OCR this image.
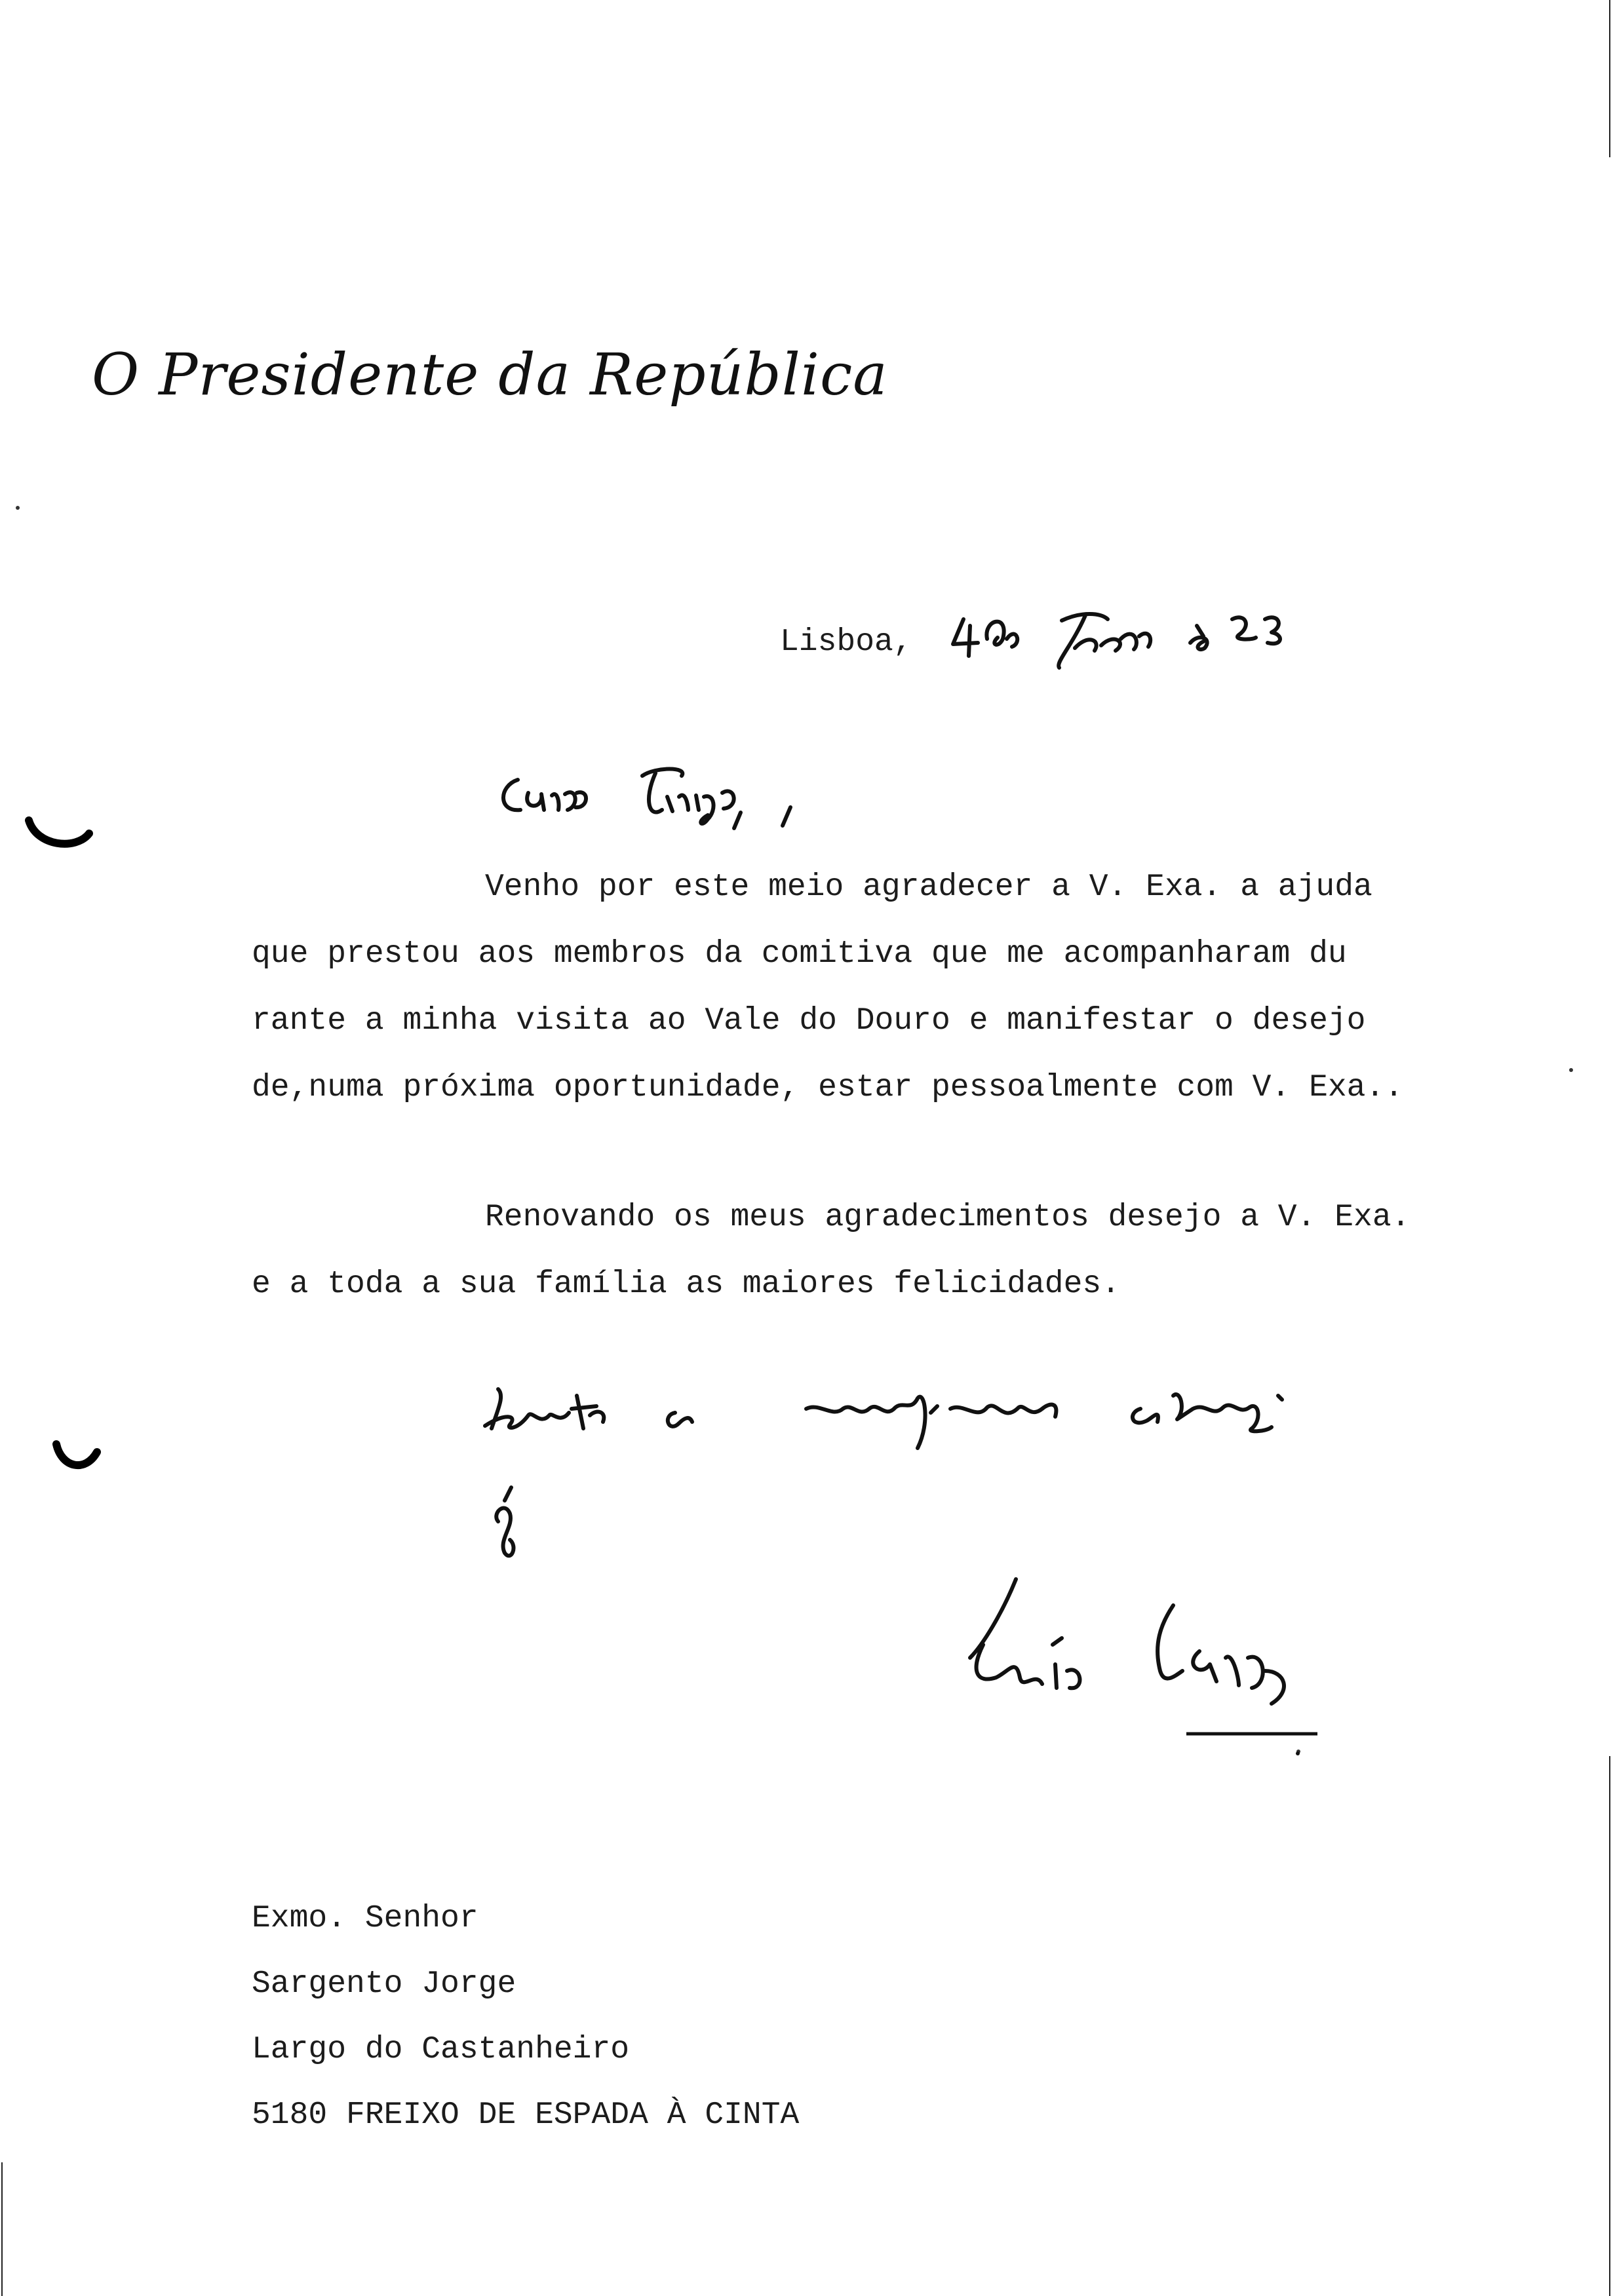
O Presidente da República
Lisboa,
Venho por este meio agradecer a V. Exa. a ajuda
que prestou aos membros da comitiva que me acompanharam du
rante a minha visita ao Vale do Douro e manifestar o desejo
de,numa próxima oportunidade, estar pessoalmente com V. Exa..
Renovando os meus agradecimentos desejo a V. Exa.
e a toda a sua família as maiores felicidades.
Exmo. Senhor
Sargento Jorge
Largo do Castanheiro
5180 FREIXO DE ESPADA À CINTA
